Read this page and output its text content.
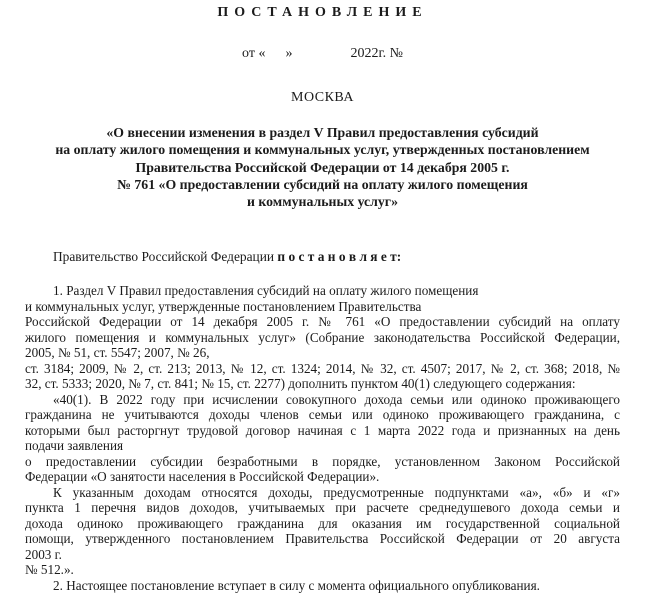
ПОСТАНОВЛЕНИЕ
от « »	2022г. №
МОСКВА
«О внесении изменения в раздел V Правил предоставления субсидий
на оплату жилого помещения и коммунальных услуг, утвержденных постановлением
Правительства Российской Федерации от 14 декабря 2005 г.
№ 761 «О предоставлении субсидий на оплату жилого помещения
и коммунальных услуг»
Правительство Российской Федерации п о с т а н о в л я е т:
1. Раздел V Правил предоставления субсидий на оплату жилого помещения
и коммунальных услуг, утвержденные постановлением Правительства
Российской Федерации от 14 декабря 2005 г. № 761 «О предоставлении субсидий на оплату
жилого помещения и коммунальных услуг» (Собрание законодательства Российской Федерации,
2005, № 51, ст. 5547; 2007, № 26,
ст. 3184; 2009, № 2, ст. 213; 2013, № 12, ст. 1324; 2014, № 32, ст. 4507; 2017, № 2, ст. 368; 2018, №
32, ст. 5333; 2020, № 7, ст. 841; № 15, ст. 2277) дополнить пунктом 40(1) следующего содержания:
«40(1). В 2022 году при исчислении совокупного дохода семьи или одиноко проживающего
гражданина не учитываются доходы членов семьи или одиноко проживающего гражданина, с
которыми был расторгнут трудовой договор начиная с 1 марта 2022 года и признанных на день
подачи заявления
о предоставлении субсидии безработными в порядке, установленном Законом Российской
Федерации «О занятости населения в Российской Федерации».
К указанным доходам относятся доходы, предусмотренные подпунктами «а», «б» и «г»
пункта 1 перечня видов доходов, учитываемых при расчете среднедушевого дохода семьи и
дохода одиноко проживающего гражданина для оказания им государственной социальной
помощи, утвержденного постановлением Правительства Российской Федерации от 20 августа
2003 г.
№ 512.».
2. Настоящее постановление вступает в силу с момента официального опубликования.
